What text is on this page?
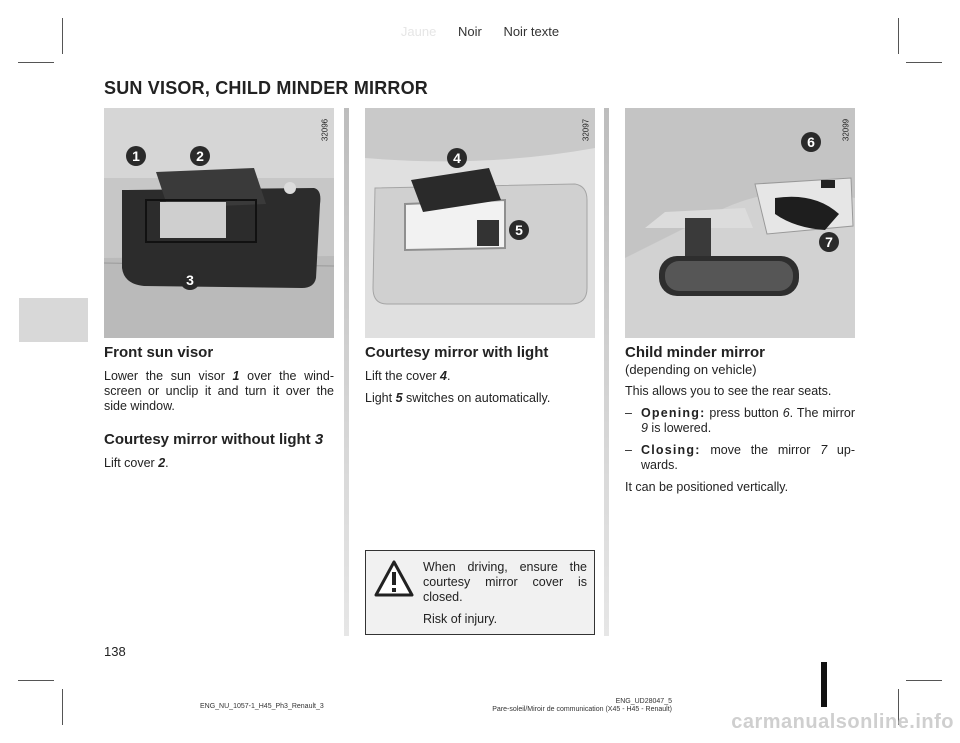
Jaune Noir Noir texte
SUN VISOR, CHILD MINDER MIRROR
32096
1	2
3
Front sun visor

Lower the sun visor 1 over the wind-screen or unclip it and turn it over the side window.

Courtesy mirror without light 3

Lift cover 2.

32097
4
5
Courtesy mirror with light

Lift the cover 4.

Light 5 switches on automatically.

32099
6
7
Child minder mirror
(depending on vehicle)

This allows you to see the rear seats.

– Opening: press button 6. The mirror 9 is lowered.
– Closing: move the mirror 7 up-wards.

It can be positioned vertically.

When driving, ensure the courtesy mirror cover is closed.

Risk of injury.

138
ENG_NU_1057-1_H45_Ph3_Renault_3
ENG_UD28047_5
Pare-soleil/Miroir de communication (X45 - H45 - Renault)
carmanualsonline.info
